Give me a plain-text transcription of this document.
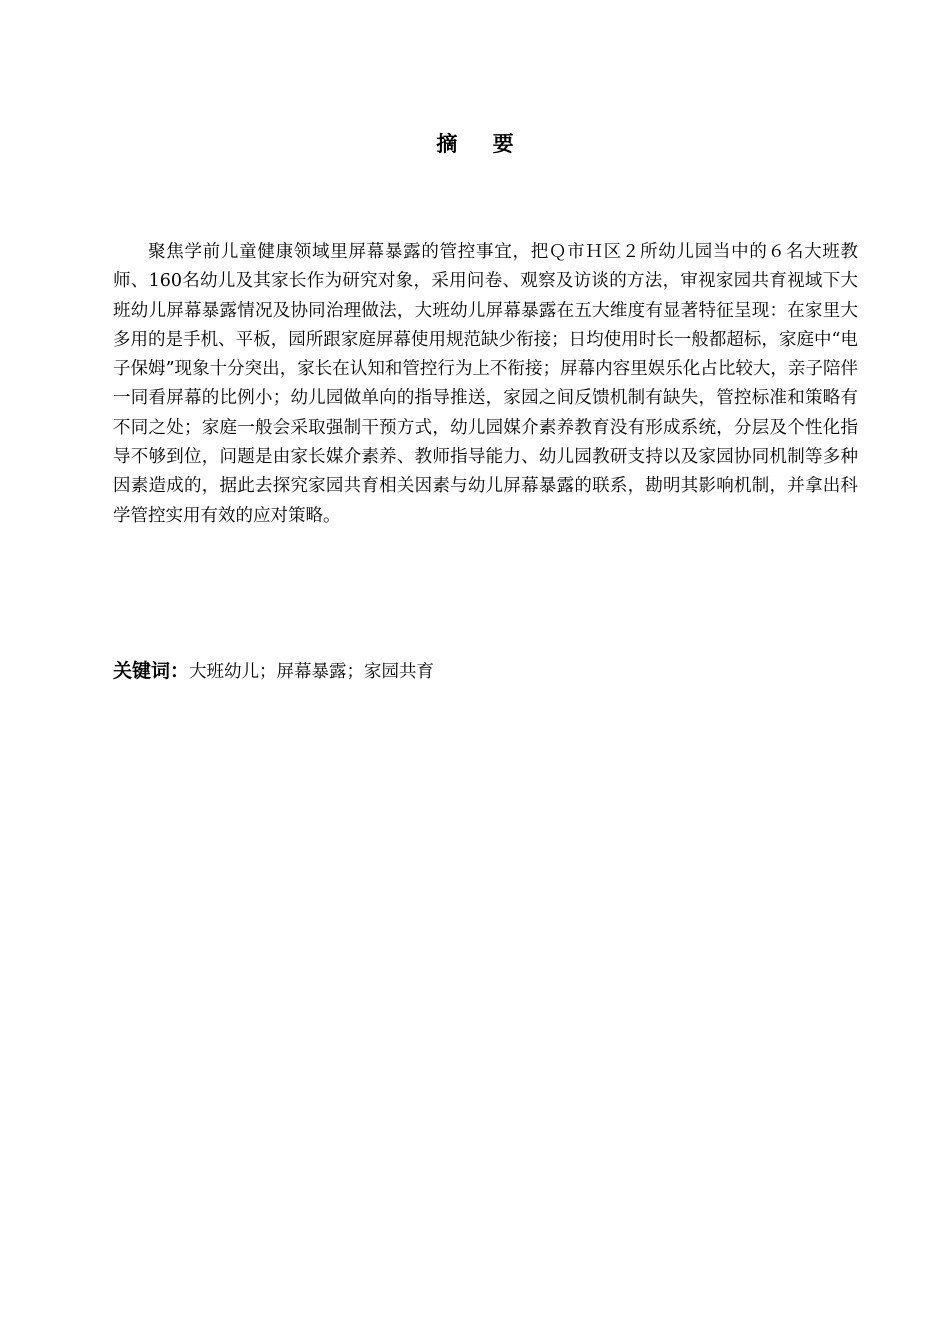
摘 要

聚焦学前儿童健康领域里屏幕暴露的管控事宜，把Ｑ市Ｈ区２所幼儿园当中的６名大班教师、160名幼儿及其家长作为研究对象，采用问卷、观察及访谈的方法，审视家园共育视域下大班幼儿屏幕暴露情况及协同治理做法，大班幼儿屏幕暴露在五大维度有显著特征呈现：在家里大多用的是手机、平板，园所跟家庭屏幕使用规范缺少衔接；日均使用时长一般都超标，家庭中“电子保姆”现象十分突出，家长在认知和管控行为上不衔接；屏幕内容里娱乐化占比较大，亲子陪伴一同看屏幕的比例小；幼儿园做单向的指导推送，家园之间反馈机制有缺失，管控标准和策略有不同之处；家庭一般会采取强制干预方式，幼儿园媒介素养教育没有形成系统，分层及个性化指导不够到位，问题是由家长媒介素养、教师指导能力、幼儿园教研支持以及家园协同机制等多种因素造成的，据此去探究家园共育相关因素与幼儿屏幕暴露的联系，勘明其影响机制，并拿出科学管控实用有效的应对策略。

关键词：大班幼儿；屏幕暴露；家园共育
